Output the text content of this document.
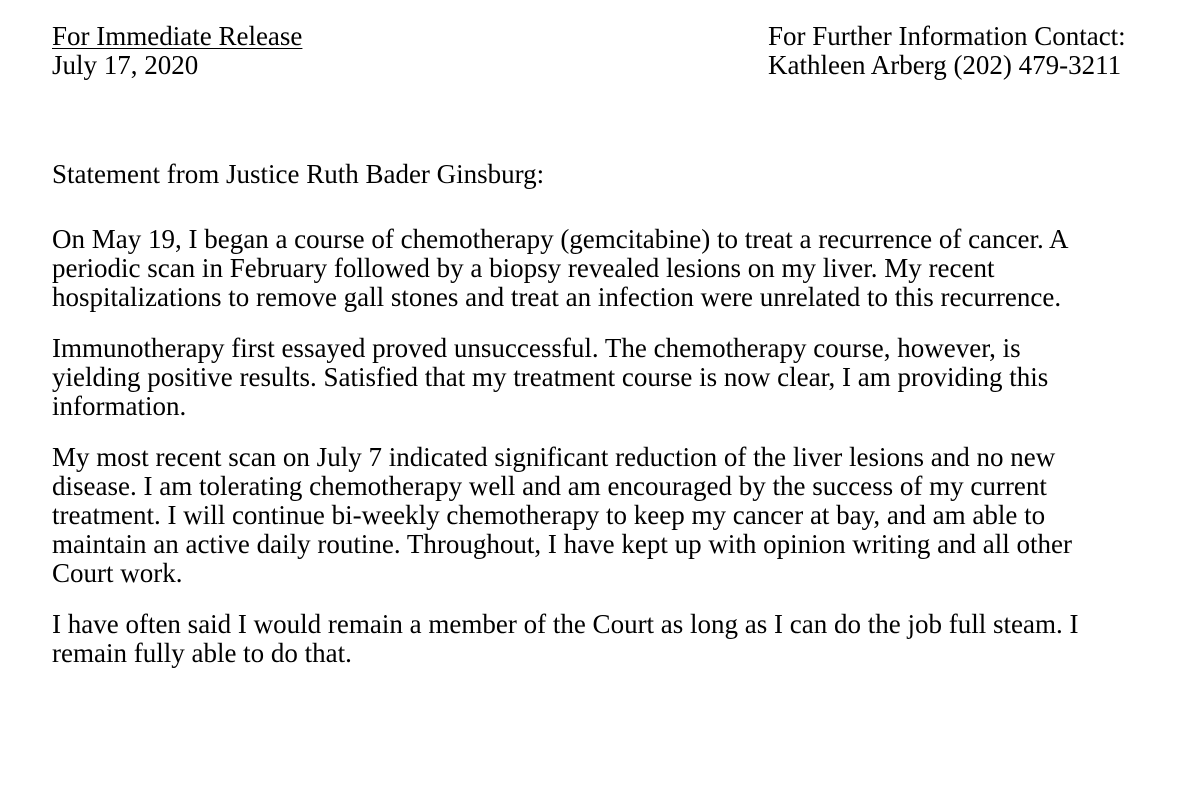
For Immediate Release
July 17, 2020
For Further Information Contact:
Kathleen Arberg (202) 479-3211
Statement from Justice Ruth Bader Ginsburg:

On May 19, I began a course of chemotherapy (gemcitabine) to treat a recurrence of cancer. A
periodic scan in February followed by a biopsy revealed lesions on my liver. My recent
hospitalizations to remove gall stones and treat an infection were unrelated to this recurrence.

Immunotherapy first essayed proved unsuccessful. The chemotherapy course, however, is
yielding positive results. Satisfied that my treatment course is now clear, I am providing this
information.

My most recent scan on July 7 indicated significant reduction of the liver lesions and no new
disease. I am tolerating chemotherapy well and am encouraged by the success of my current
treatment. I will continue bi-weekly chemotherapy to keep my cancer at bay, and am able to
maintain an active daily routine. Throughout, I have kept up with opinion writing and all other
Court work.

I have often said I would remain a member of the Court as long as I can do the job full steam. I
remain fully able to do that.
